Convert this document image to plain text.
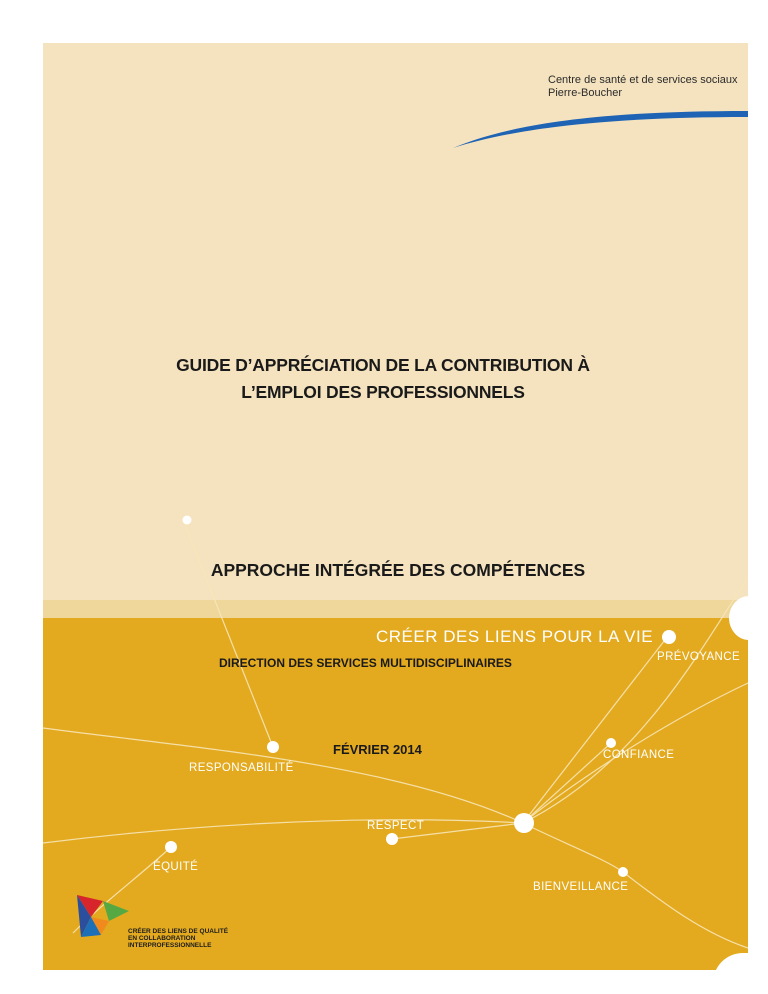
Centre de santé et de services sociaux
Pierre-Boucher
GUIDE D’APPRÉCIATION DE LA CONTRIBUTION À
L’EMPLOI DES PROFESSIONNELS
APPROCHE INTÉGRÉE DES COMPÉTENCES
CRÉER DES LIENS POUR LA VIE
DIRECTION DES SERVICES MULTIDISCIPLINAIRES
FÉVRIER 2014
PRÉVOYANCE
RESPONSABILITÉ
CONFIANCE
RESPECT
ÉQUITÉ
BIENVEILLANCE
CRÉER DES LIENS DE QUALITÉ
EN COLLABORATION
INTERPROFESSIONNELLE
